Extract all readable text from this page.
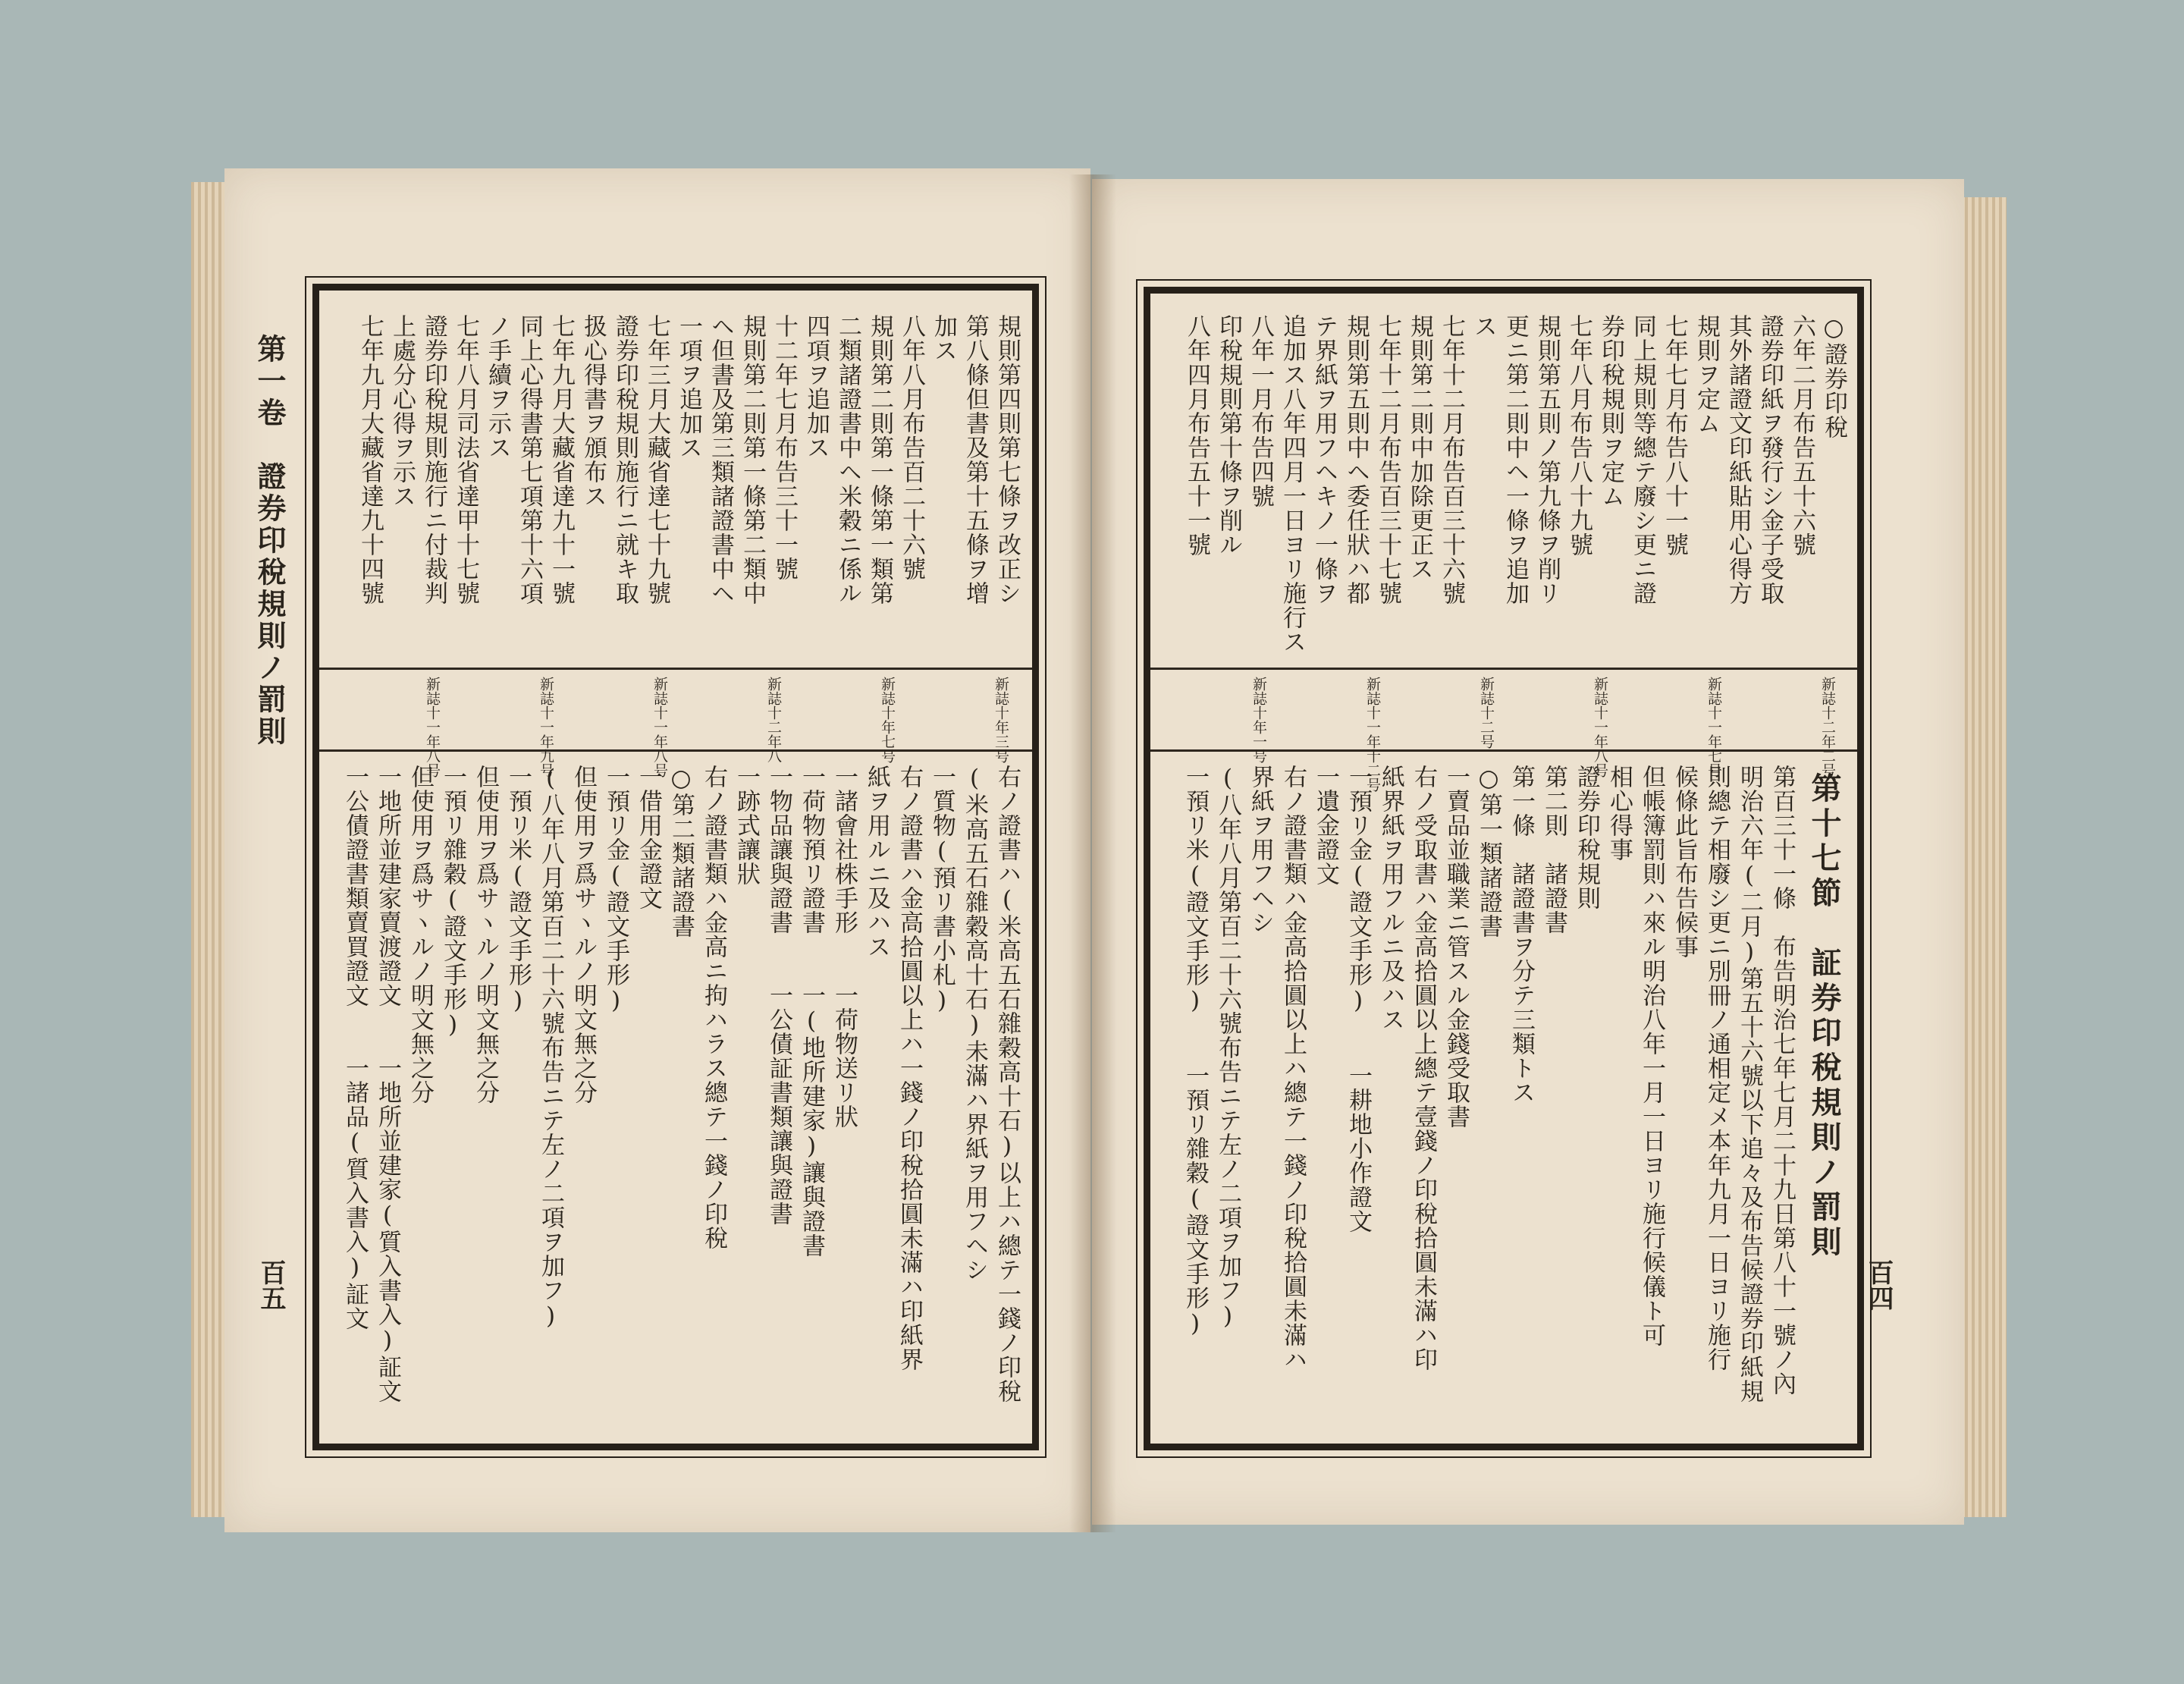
第一卷　證券印稅規則ノ罰則
百五
規則第四則第七條ヲ改正シ
第八條但書及第十五條ヲ增
加ス
八年八月布告百二十六號
規則第二則第一條第一類第
二類諸證書中ヘ米穀ニ係ル
四項ヲ追加ス
十二年七月布告三十一號
規則第二則第一條第二類中
ヘ但書及第三類諸證書中ヘ
一項ヲ追加ス
七年三月大藏省達七十九號
證券印稅規則施行ニ就キ取
扱心得書ヲ頒布ス
七年九月大藏省達九十一號
同上心得書第七項第十六項
ノ手續ヲ示ス
七年八月司法省達甲十七號
證券印稅規則施行ニ付裁判
上處分心得ヲ示ス
七年九月大藏省達九十四號
新誌十年三号
新誌十年七号
新誌十二年八
新誌十一年八号
新誌十一年九号
新誌十一年八号
右ノ證書ハ(米高五石雜穀高十石)以上ハ總テ一錢ノ印稅
(米高五石雜穀高十石)未滿ハ界紙ヲ用フヘシ
一質物(預リ書小札)
右ノ證書ハ金高拾圓以上ハ一錢ノ印稅拾圓未滿ハ印紙界
紙ヲ用ルニ及ハス
一諸會社株手形　　一荷物送リ狀
一荷物預リ證書　　一(地所建家)讓與證書
一物品讓與證書　　一公債証書類讓與證書
一跡式讓狀
右ノ證書類ハ金高ニ拘ハラス總テ一錢ノ印稅
○第二類諸證書
一借用金證文
一預リ金(證文手形)
但使用ヲ爲サヽルノ明文無之分
(八年八月第百二十六號布告ニテ左ノ二項ヲ加フ)
一預リ米(證文手形)
但使用ヲ爲サヽルノ明文無之分
一預リ雜穀(證文手形)
但使用ヲ爲サヽルノ明文無之分
一地所並建家賣渡證文　　一地所並建家(質入書入)証文
一公債證書類賣買證文　　一諸品(質入書入)証文	百四
○證券印稅
六年二月布告五十六號
證券印紙ヲ發行シ金子受取
其外諸證文印紙貼用心得方
規則ヲ定ム
七年七月布告八十一號
同上規則等總テ廢シ更ニ證
券印稅規則ヲ定ム
七年八月布告八十九號
規則第五則ノ第九條ヲ削リ
更ニ第二則中ヘ一條ヲ追加
ス
七年十二月布告百三十六號
規則第二則中加除更正ス
七年十二月布告百三十七號
規則第五則中ヘ委任狀ハ都
テ界紙ヲ用フヘキノ一條ヲ
追加ス八年四月一日ヨリ施行ス
八年一月布告四號
印稅規則第十條ヲ削ル
八年四月布告五十一號
新誌十二年二号
新誌十一年七号
新誌十一年八号
新誌十二号
新誌十一年十二号
新誌十年一号
第十七節　証券印稅規則ノ罰則
第百三十一條　布告明治七年七月二十九日第八十一號ノ內
明治六年(二月)第五十六號以下追々及布告候證券印紙規
則總テ相廢シ更ニ別冊ノ通相定メ本年九月一日ヨリ施行
候條此旨布告候事
但帳簿罰則ハ來ル明治八年一月一日ヨリ施行候儀ト可
相心得事
證券印稅規則
第二則　諸證書
第一條　諸證書ヲ分テ三類トス
○第一類諸證書
一賣品並職業ニ管スル金錢受取書
右ノ受取書ハ金高拾圓以上總テ壹錢ノ印稅拾圓未滿ハ印
紙界紙ヲ用フルニ及ハス
一預リ金(證文手形)　　一耕地小作證文
一遺金證文
右ノ證書類ハ金高拾圓以上ハ總テ一錢ノ印稅拾圓未滿ハ
界紙ヲ用フヘシ
(八年八月第百二十六號布告ニテ左ノ二項ヲ加フ)
一預リ米(證文手形)　　一預リ雜穀(證文手形)
